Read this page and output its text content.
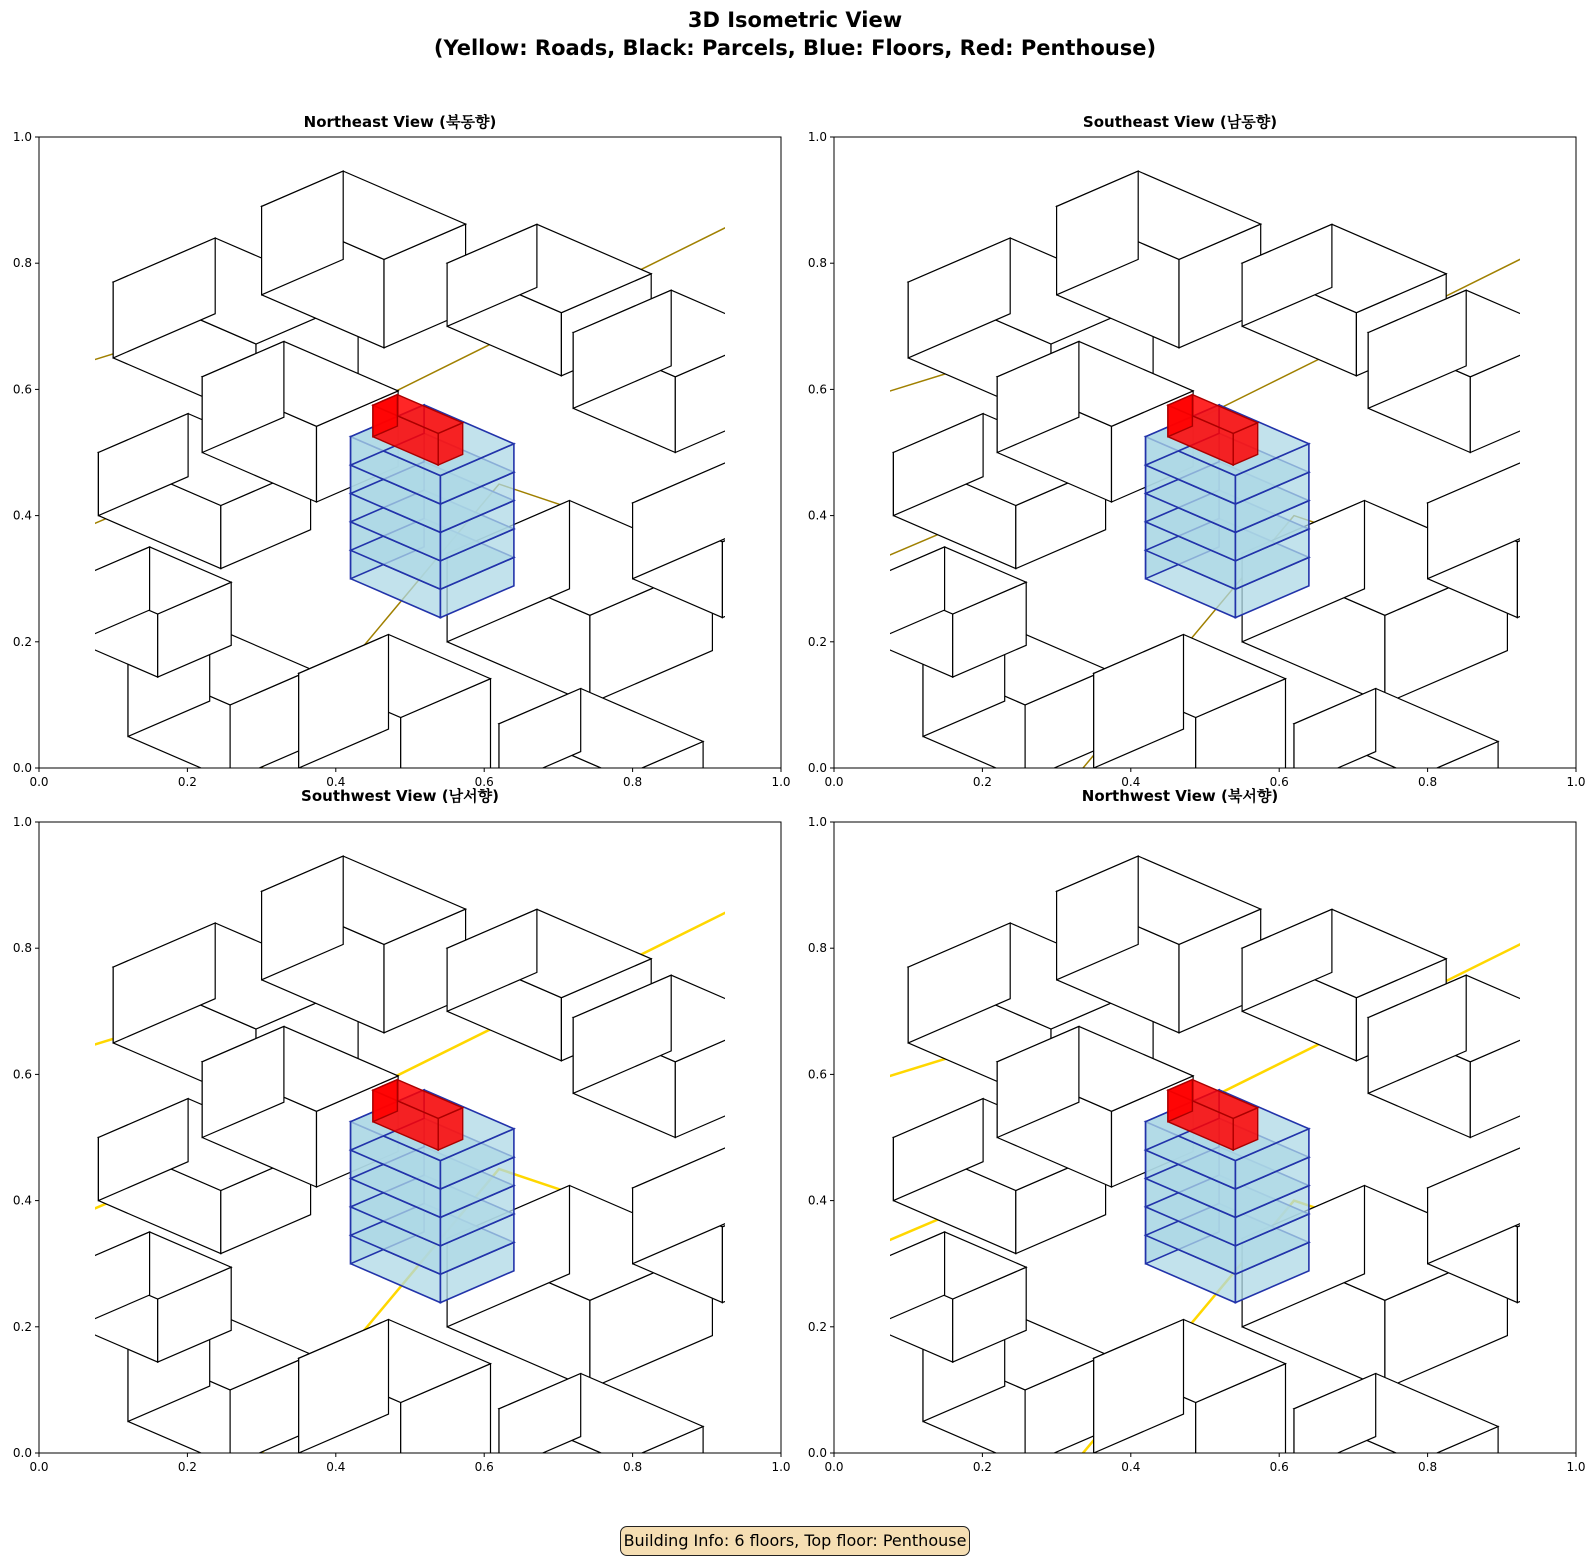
3D Isometric View
(Yellow: Roads, Black: Parcels, Blue: Floors, Red: Penthouse)
Northeast View (북동향)
0.0	0.2	0.4	0.6	0.8	1.0
0.0
0.2
0.4
0.6
0.8
1.0
0.0	0.2	0.4	0.6	0.8	1.0
0.0
0.2
0.4
0.6
0.8
1.0
0.0	0.2	0.4	0.6	0.8	1.0
0.0
0.2
0.4
0.6
0.8
1.0
0.0	0.2	0.4	0.6	0.8	1.0
0.0
0.2
0.4
0.6
0.8
1.0
Southeast View (남동향)
Southwest View (남서향)	Northwest View (북서향)
Building Info: 6 floors, Top floor: Penthouse
